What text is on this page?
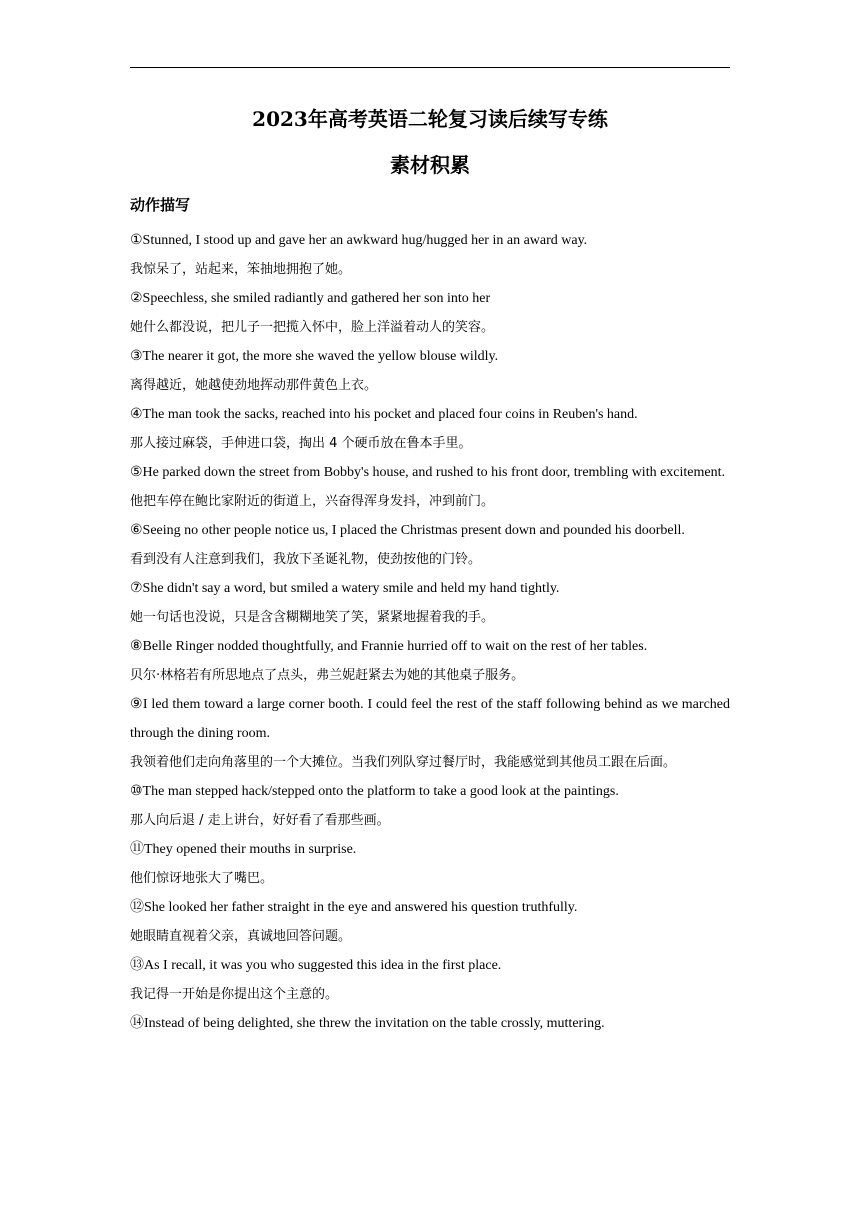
2023年高考英语二轮复习读后续写专练
素材积累
动作描写
①Stunned, I stood up and gave her an awkward hug/hugged her in an award way.
我惊呆了，站起来，笨抽地拥抱了她。
②Speechless, she smiled radiantly and gathered her son into her
她什么都没说，把儿子一把揽入怀中，脸上洋溢着动人的笑容。
③The nearer it got, the more she waved the yellow blouse wildly.
离得越近，她越使劲地挥动那件黄色上衣。
④The man took the sacks, reached into his pocket and placed four coins in Reuben's hand.
那人接过麻袋，手伸进口袋，掏出 4 个硬币放在鲁本手里。
⑤He parked down the street from Bobby's house, and rushed to his front door, trembling with excitement.
他把车停在鲍比家附近的街道上，兴奋得浑身发抖，冲到前门。
⑥Seeing no other people notice us, I placed the Christmas present down and pounded his doorbell.
看到没有人注意到我们，我放下圣诞礼物，使劲按他的门铃。
⑦She didn't say a word, but smiled a watery smile and held my hand tightly.
她一句话也没说，只是含含糊糊地笑了笑，紧紧地握着我的手。
⑧Belle Ringer nodded thoughtfully, and Frannie hurried off to wait on the rest of her tables.
贝尔·林格若有所思地点了点头，弗兰妮赶紧去为她的其他桌子服务。
⑨I led them toward a large corner booth. I could feel the rest of the staff following behind as we marched through the dining room.
我领着他们走向角落里的一个大摊位。当我们列队穿过餐厅时，我能感觉到其他员工跟在后面。
⑩The man stepped hack/stepped onto the platform to take a good look at the paintings.
那人向后退 / 走上讲台，好好看了看那些画。
⑪They opened their mouths in surprise.
他们惊讶地张大了嘴巴。
⑫She looked her father straight in the eye and answered his question truthfully.
她眼睛直视着父亲，真诚地回答问题。
⑬As I recall, it was you who suggested this idea in the first place.
我记得一开始是你提出这个主意的。
⑭Instead of being delighted, she threw the invitation on the table crossly, muttering.
